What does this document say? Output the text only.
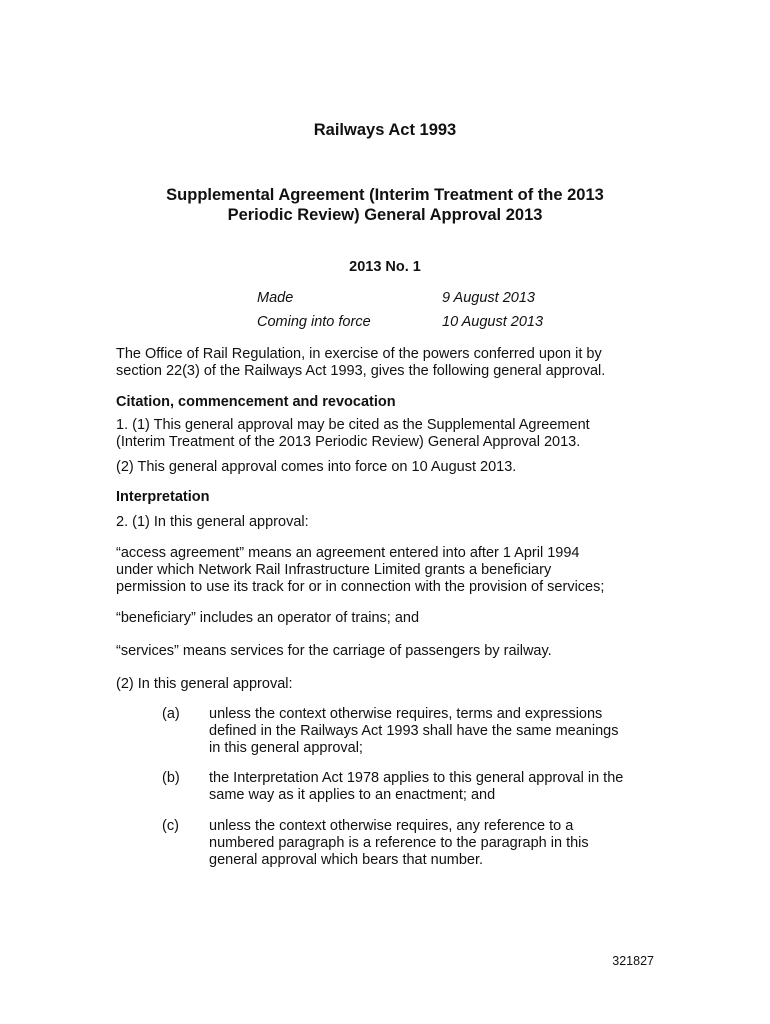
Railways Act 1993
Supplemental Agreement (Interim Treatment of the 2013
Periodic Review) General Approval 2013
2013 No. 1
Made	9 August 2013
Coming into force	10 August 2013
The Office of Rail Regulation, in exercise of the powers conferred upon it by
section 22(3) of the Railways Act 1993, gives the following general approval.
Citation, commencement and revocation
1. (1) This general approval may be cited as the Supplemental Agreement
(Interim Treatment of the 2013 Periodic Review) General Approval 2013.
(2) This general approval comes into force on 10 August 2013.
Interpretation
2. (1) In this general approval:
“access agreement” means an agreement entered into after 1 April 1994
under which Network Rail Infrastructure Limited grants a beneficiary
permission to use its track for or in connection with the provision of services;
“beneficiary” includes an operator of trains; and
“services” means services for the carriage of passengers by railway.
(2) In this general approval:
(a) unless the context otherwise requires, terms and expressions
defined in the Railways Act 1993 shall have the same meanings
in this general approval;
(b) the Interpretation Act 1978 applies to this general approval in the
same way as it applies to an enactment; and
(c) unless the context otherwise requires, any reference to a
numbered paragraph is a reference to the paragraph in this
general approval which bears that number.
321827
